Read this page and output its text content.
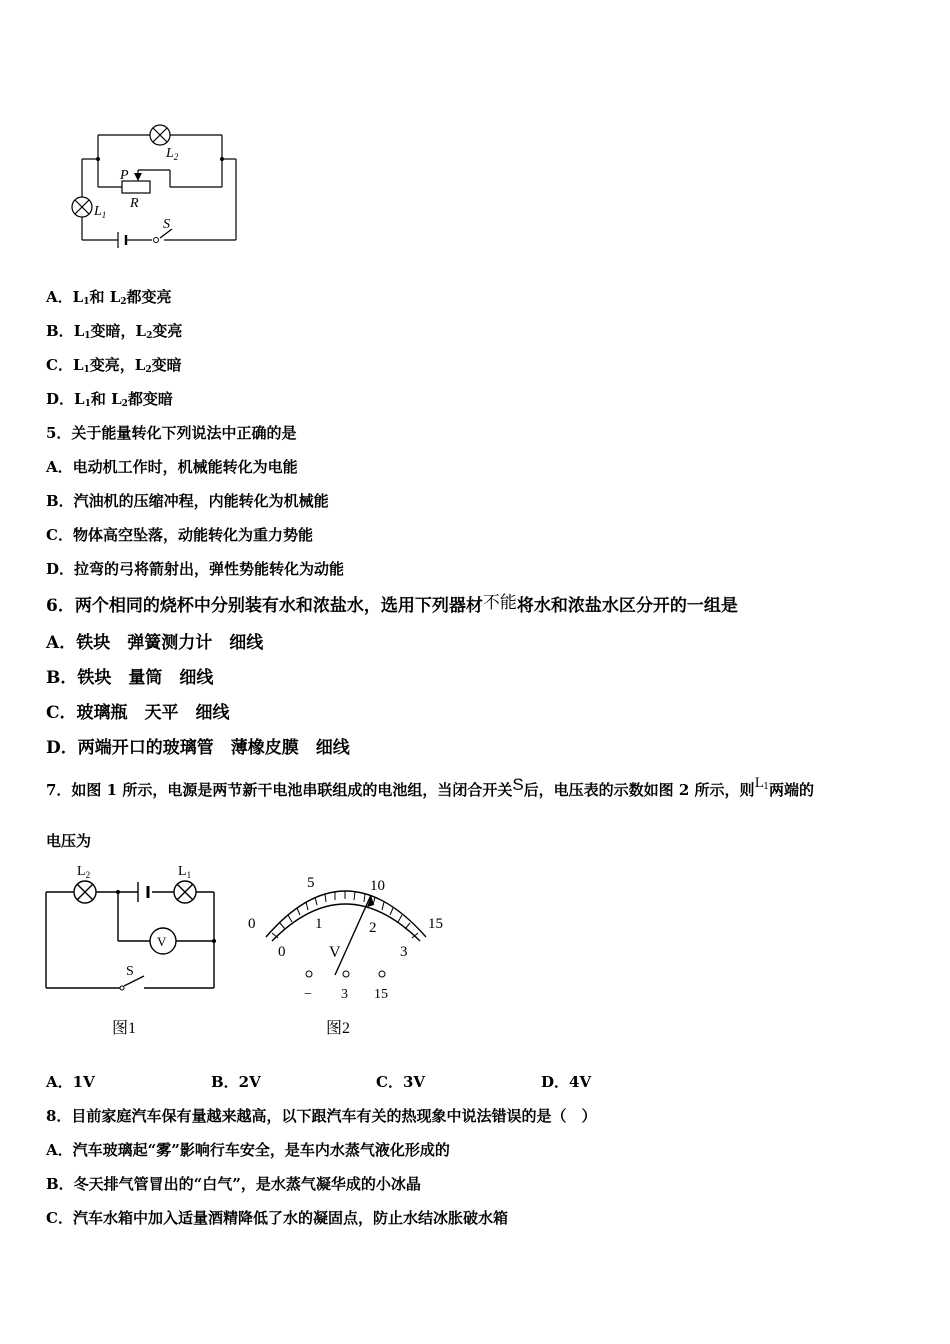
$L_2$
$L_1$
P
R
S
A．$L_1$和 $L_2$都变亮
B．$L_1$变暗，$L_2$变亮
C．$L_1$变亮，$L_2$变暗
D．$L_1$和 $L_2$都变暗
5．关于能量转化下列说法中正确的是
A．电动机工作时，机械能转化为电能
B．汽油机的压缩冲程，内能转化为机械能
C．物体高空坠落，动能转化为重力势能
D．拉弯的弓将箭射出，弹性势能转化为动能
6．两个相同的烧杯中分别装有水和浓盐水，选用下列器材不能将水和浓盐水区分开的一组是
A．铁块　弹簧测力计　细线
B．铁块　量筒　细线
C．玻璃瓶　天平　细线
D．两端开口的玻璃管　薄橡皮膜　细线
7．如图 1 所示，电源是两节新干电池串联组成的电池组，当闭合开关S后，电压表的示数如图 2 所示，则$L_1$两端的
电压为
$L_2$	$L_1$
V
S
图1
0
5	10
15
0
1	2
3
V
− 3 15
图2
A．1V	B．2V	C．3V	D．4V
8．目前家庭汽车保有量越来越高，以下跟汽车有关的热现象中说法错误的是（　）
A．汽车玻璃起“雾”影响行车安全，是车内水蒸气液化形成的
B．冬天排气管冒出的“白气”，是水蒸气凝华成的小冰晶
C．汽车水箱中加入适量酒精降低了水的凝固点，防止水结冰胀破水箱
